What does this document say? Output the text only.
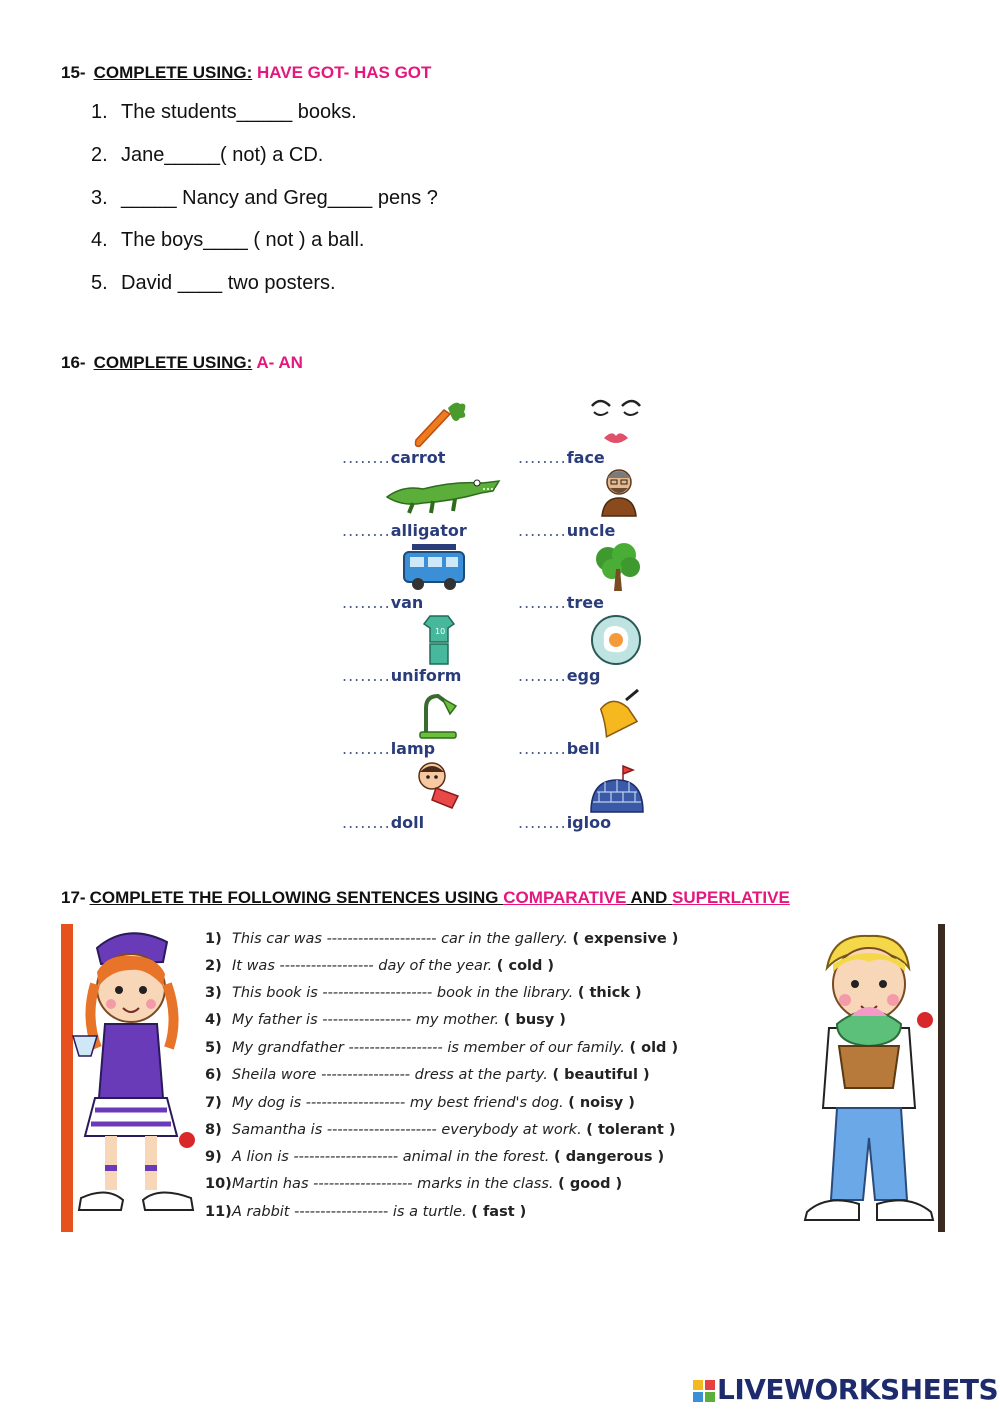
15- COMPLETE USING: HAVE GOT- HAS GOT
1. The students_____ books.
2. Jane_____( not) a CD.
3. _____ Nancy and Greg____ pens ?
4. The boys____ ( not ) a ball.
5. David ____ two posters.
16- COMPLETE USING: A- AN
10
........carrot
........alligator
........van
........uniform
........lamp
........doll
........face
........uncle
........tree
........egg
........bell
........igloo
17- COMPLETE THE FOLLOWING SENTENCES USING COMPARATIVE AND SUPERLATIVE
1) This car was --------------------- car in the gallery. ( expensive )
2) It was ------------------ day of the year. ( cold )
3) This book is --------------------- book in the library. ( thick )
4) My father is ----------------- my mother. ( busy )
5) My grandfather ------------------ is member of our family. ( old )
6) Sheila wore ----------------- dress at the party. ( beautiful )
7) My dog is ------------------- my best friend's dog. ( noisy )
8) Samantha is --------------------- everybody at work. ( tolerant )
9) A lion is -------------------- animal in the forest. ( dangerous )
10)Martin has ------------------- marks in the class. ( good )
11)A rabbit ------------------ is a turtle. ( fast )
LIVEWORKSHEETS
